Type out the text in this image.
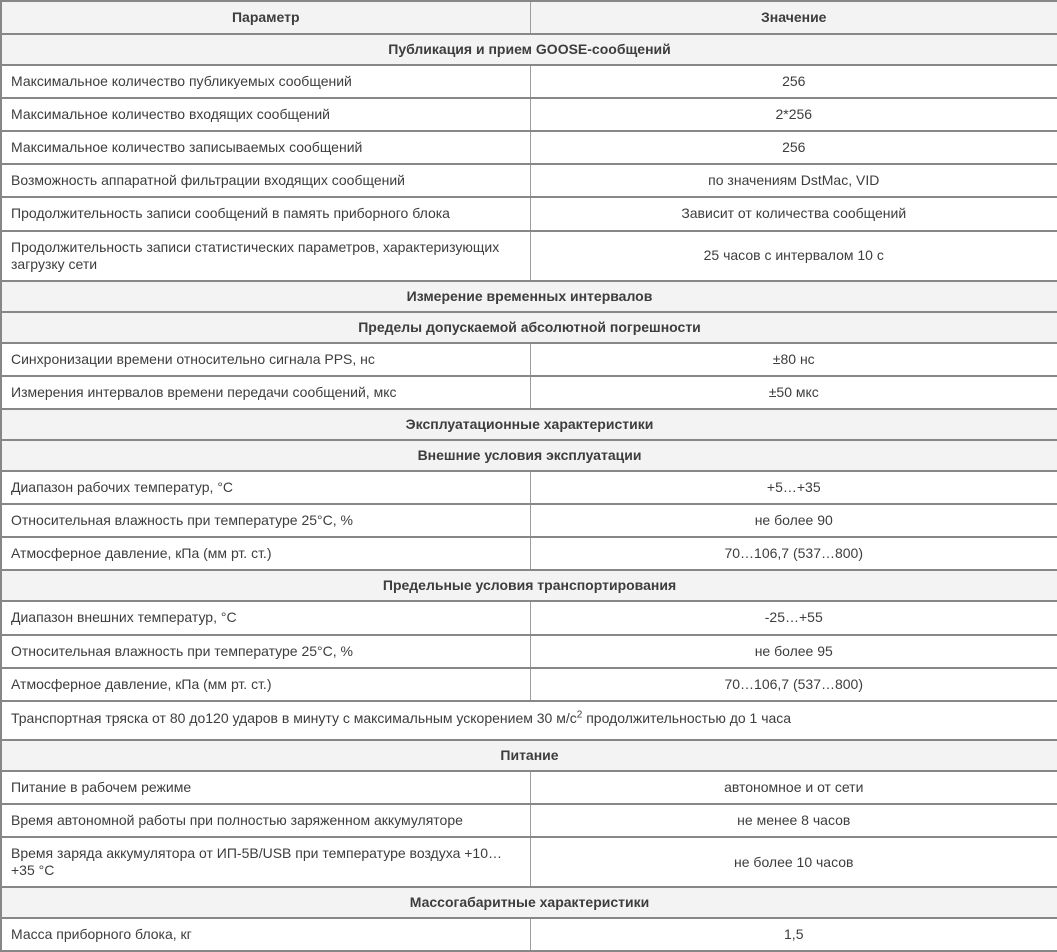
Параметр	Значение
Публикация и прием GOOSE-сообщений	
Максимальное количество публикуемых сообщений	256
Максимальное количество входящих сообщений	2*256
Максимальное количество записываемых сообщений	256
Возможность аппаратной фильтрации входящих сообщений	по значениям DstMac, VID
Продолжительность записи сообщений в память приборного блока	Зависит от количества сообщений
Продолжительность записи статистических параметров, характеризующих загрузку сети	25 часов с интервалом 10 с
Измерение временных интервалов	
Пределы допускаемой абсолютной погрешности	
Синхронизации времени относительно сигнала PPS, нс	±80 нс
Измерения интервалов времени передачи сообщений, мкс	±50 мкс
Эксплуатационные характеристики	
Внешние условия эксплуатации	
Диапазон рабочих температур, °С	+5…+35
Относительная влажность при температуре 25°С, %	не более 90
Атмосферное давление, кПа (мм рт. ст.)	70…106,7 (537…800)
Предельные условия транспортирования	
Диапазон внешних температур, °С	-25…+55
Относительная влажность при температуре 25°С, %	не более 95
Атмосферное давление, кПа (мм рт. ст.)	70…106,7 (537…800)
Транспортная тряска от 80 до120 ударов в минуту с максимальным ускорением 30 $м/с^2$ продолжительностью до 1 часа	
Питание	
Питание в рабочем режиме	автономное и от сети
Время автономной работы при полностью заряженном аккумуляторе	не менее 8 часов
Время заряда аккумулятора от ИП-5В/USB при температуре воздуха +10…+35 °С	не более 10 часов
Массогабаритные характеристики	
Масса приборного блока, кг	1,5
